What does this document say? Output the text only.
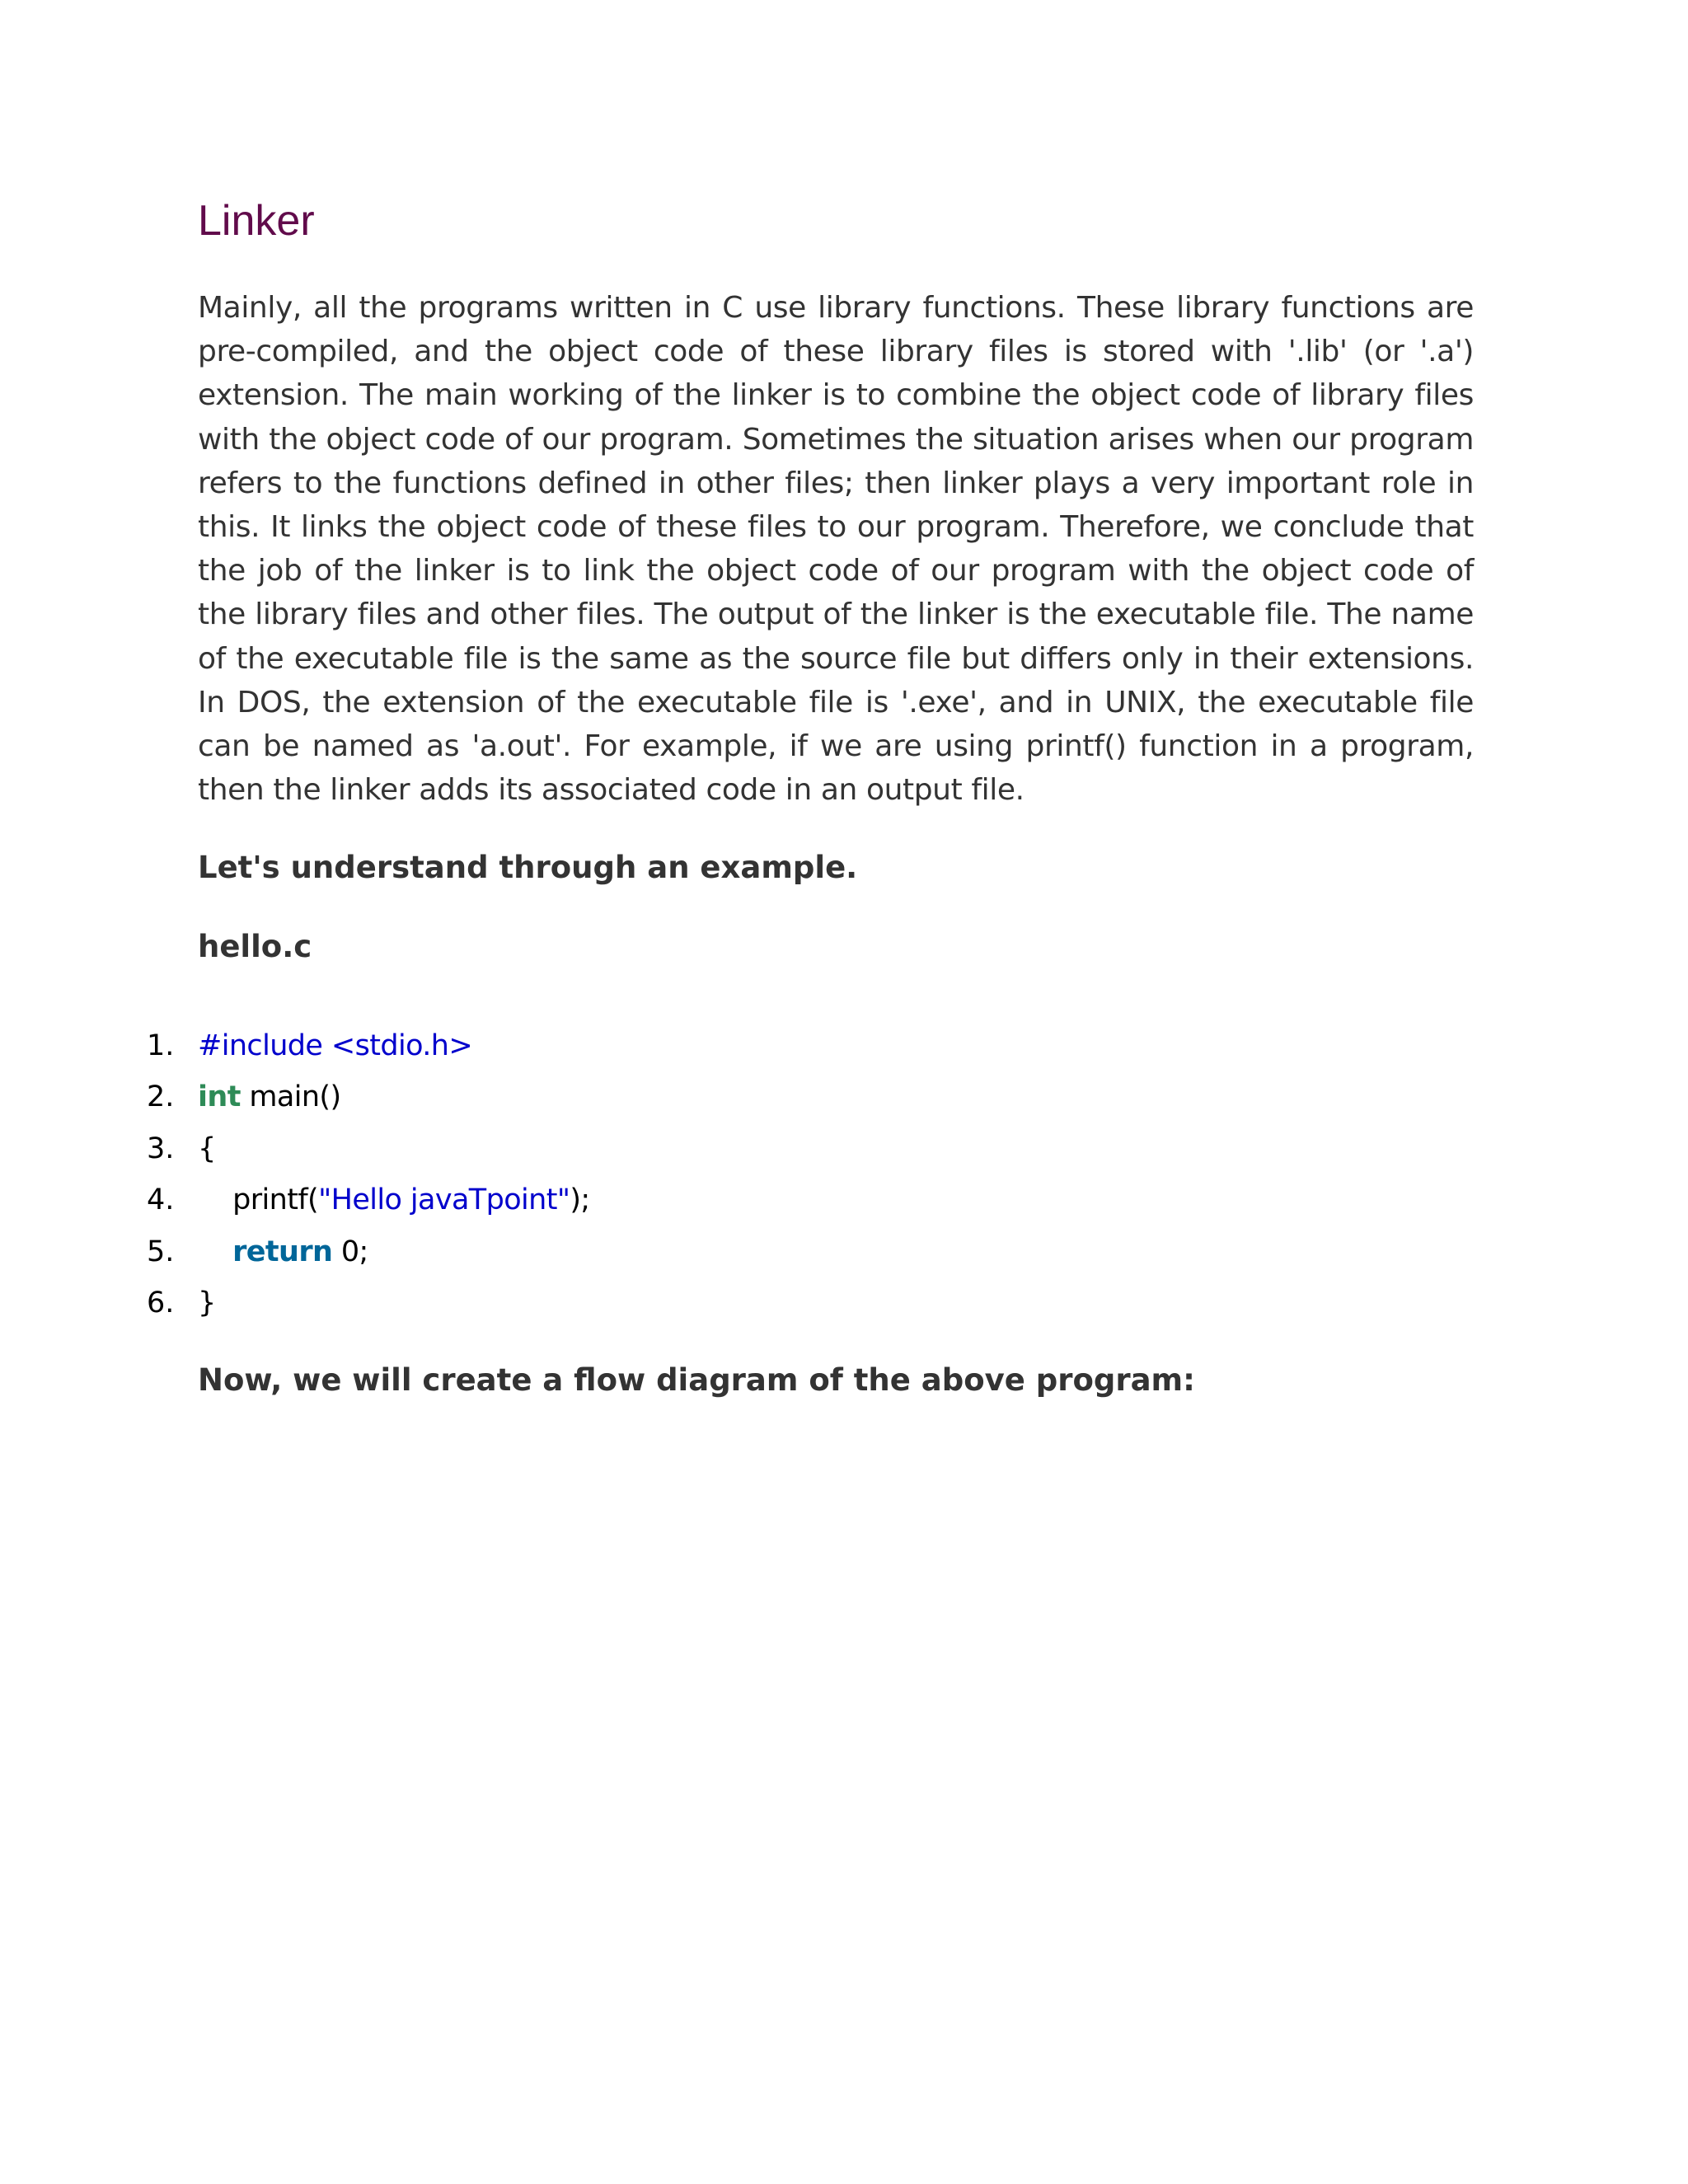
Linker

Mainly, all the programs written in C use library functions. These library functions are pre-compiled, and the object code of these library files is stored with '.lib' (or '.a') extension. The main working of the linker is to combine the object code of library files with the object code of our program. Sometimes the situation arises when our program refers to the functions defined in other files; then linker plays a very important role in this. It links the object code of these files to our program. Therefore, we conclude that the job of the linker is to link the object code of our program with the object code of the library files and other files. The output of the linker is the executable file. The name of the executable file is the same as the source file but differs only in their extensions. In DOS, the extension of the executable file is '.exe', and in UNIX, the executable file can be named as 'a.out'. For example, if we are using printf() function in a program, then the linker adds its associated code in an output file.

Let's understand through an example.

hello.c

1. #include <stdio.h>
2. int main()
3. {
4. printf("Hello javaTpoint");
5.	return 0;
6. }

Now, we will create a flow diagram of the above program:
